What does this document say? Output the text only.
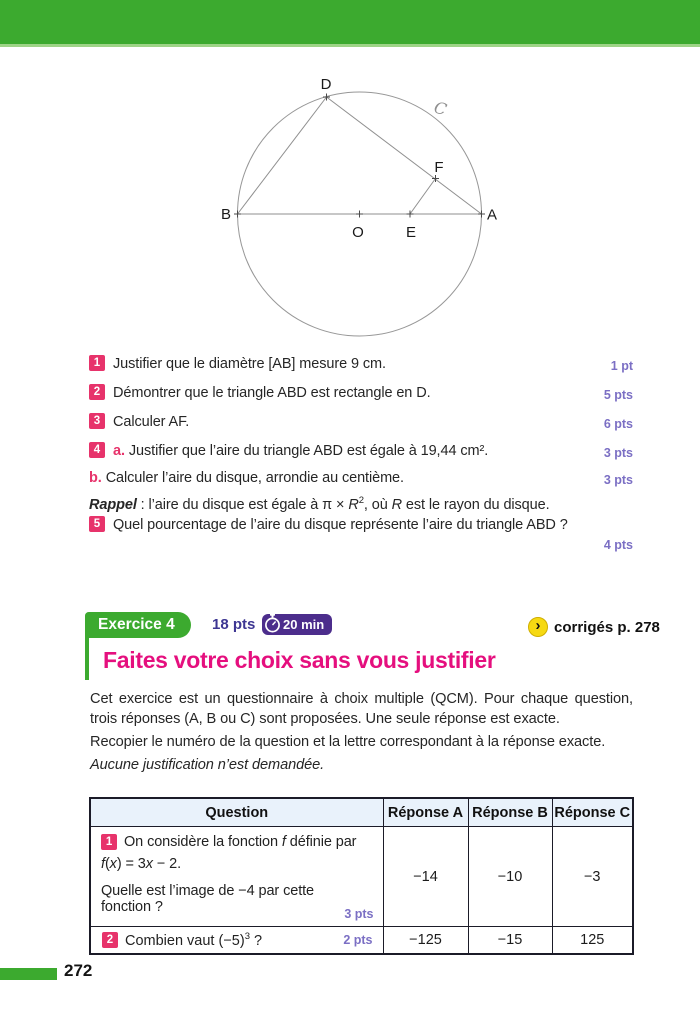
D
B	A
O	E
F
C
1 Justifier que le diamètre [AB] mesure 9 cm.	1 pt
2 Démontrer que le triangle ABD est rectangle en D.	5 pts
3 Calculer AF.	6 pts
4 a. Justifier que l’aire du triangle ABD est égale à 19,44 cm².	3 pts
b. Calculer l’aire du disque, arrondie au centième.	3 pts
Rappel : l’aire du disque est égale à $\pi \times R^2$, où R est le rayon du disque.
5 Quel pourcentage de l’aire du disque représente l’aire du triangle ABD ?
4 pts
Exercice 4	18 pts 20 min	› corrigés p. 278
Faites votre choix sans vous justifier

Cet exercice est un questionnaire à choix multiple (QCM). Pour chaque question, trois réponses (A, B ou C) sont proposées. Une seule réponse est exacte.

Recopier le numéro de la question et la lettre correspondant à la réponse exacte.

Aucune justification n’est demandée.

Question	Réponse A	Réponse B	Réponse C

1 On considère la fonction f définie par
f(x) = 3x − 2.
Quelle est l’image de −4 par cette fonction ? 3 pts	−14	−10	−3

2 Combien vaut $(-5)^3$ ? 2 pts	−125	−15	125
272
